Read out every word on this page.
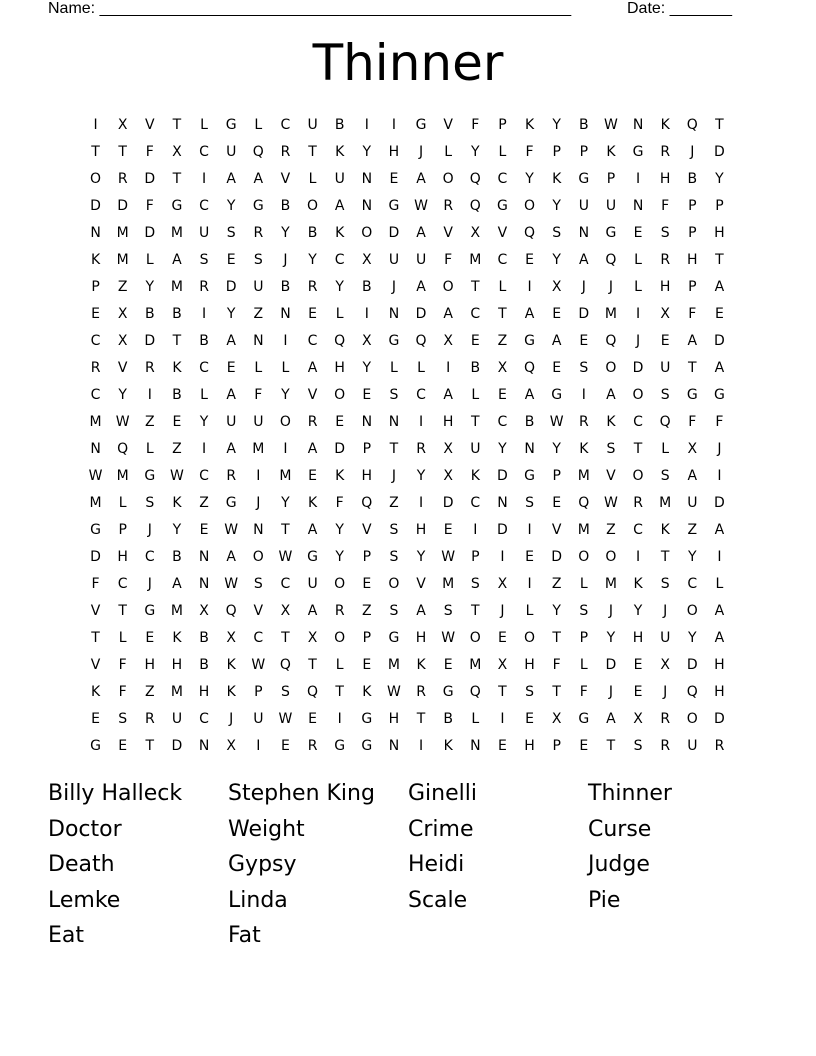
Name: _____________________________________________________	Date: _______
Thinner
I	X	V	T	L	G	L	C	U	B	I	I	G	V	F	P	K	Y	B	W	N	K	Q	T
T	T	F	X	C	U	Q	R	T	K	Y	H	J	L	Y	L	F	P	P	K	G	R	J	D
O	R	D	T	I	A	A	V	L	U	N	E	A	O	Q	C	Y	K	G	P	I	H	B	Y
D	D	F	G	C	Y	G	B	O	A	N	G	W	R	Q	G	O	Y	U	U	N	F	P	P
N	M	D	M	U	S	R	Y	B	K	O	D	A	V	X	V	Q	S	N	G	E	S	P	H
K	M	L	A	S	E	S	J	Y	C	X	U	U	F	M	C	E	Y	A	Q	L	R	H	T
P	Z	Y	M	R	D	U	B	R	Y	B	J	A	O	T	L	I	X	J	J	L	H	P	A
E	X	B	B	I	Y	Z	N	E	L	I	N	D	A	C	T	A	E	D	M	I	X	F	E
C	X	D	T	B	A	N	I	C	Q	X	G	Q	X	E	Z	G	A	E	Q	J	E	A	D
R	V	R	K	C	E	L	L	A	H	Y	L	L	I	B	X	Q	E	S	O	D	U	T	A
C	Y	I	B	L	A	F	Y	V	O	E	S	C	A	L	E	A	G	I	A	O	S	G	G
M	W	Z	E	Y	U	U	O	R	E	N	N	I	H	T	C	B	W	R	K	C	Q	F	F
N	Q	L	Z	I	A	M	I	A	D	P	T	R	X	U	Y	N	Y	K	S	T	L	X	J
W	M	G	W	C	R	I	M	E	K	H	J	Y	X	K	D	G	P	M	V	O	S	A	I
M	L	S	K	Z	G	J	Y	K	F	Q	Z	I	D	C	N	S	E	Q	W	R	M	U	D
G	P	J	Y	E	W	N	T	A	Y	V	S	H	E	I	D	I	V	M	Z	C	K	Z	A
D	H	C	B	N	A	O	W	G	Y	P	S	Y	W	P	I	E	D	O	O	I	T	Y	I
F	C	J	A	N	W	S	C	U	O	E	O	V	M	S	X	I	Z	L	M	K	S	C	L
V	T	G	M	X	Q	V	X	A	R	Z	S	A	S	T	J	L	Y	S	J	Y	J	O	A
T	L	E	K	B	X	C	T	X	O	P	G	H	W	O	E	O	T	P	Y	H	U	Y	A
V	F	H	H	B	K	W	Q	T	L	E	M	K	E	M	X	H	F	L	D	E	X	D	H
K	F	Z	M	H	K	P	S	Q	T	K	W	R	G	Q	T	S	T	F	J	E	J	Q	H
E	S	R	U	C	J	U	W	E	I	G	H	T	B	L	I	E	X	G	A	X	R	O	D
G	E	T	D	N	X	I	E	R	G	G	N	I	K	N	E	H	P	E	T	S	R	U	R
Billy Halleck	Stephen King	Ginelli	Thinner
Doctor	Weight	Crime	Curse
Death	Gypsy	Heidi	Judge
Lemke	Linda	Scale	Pie
Eat	Fat
